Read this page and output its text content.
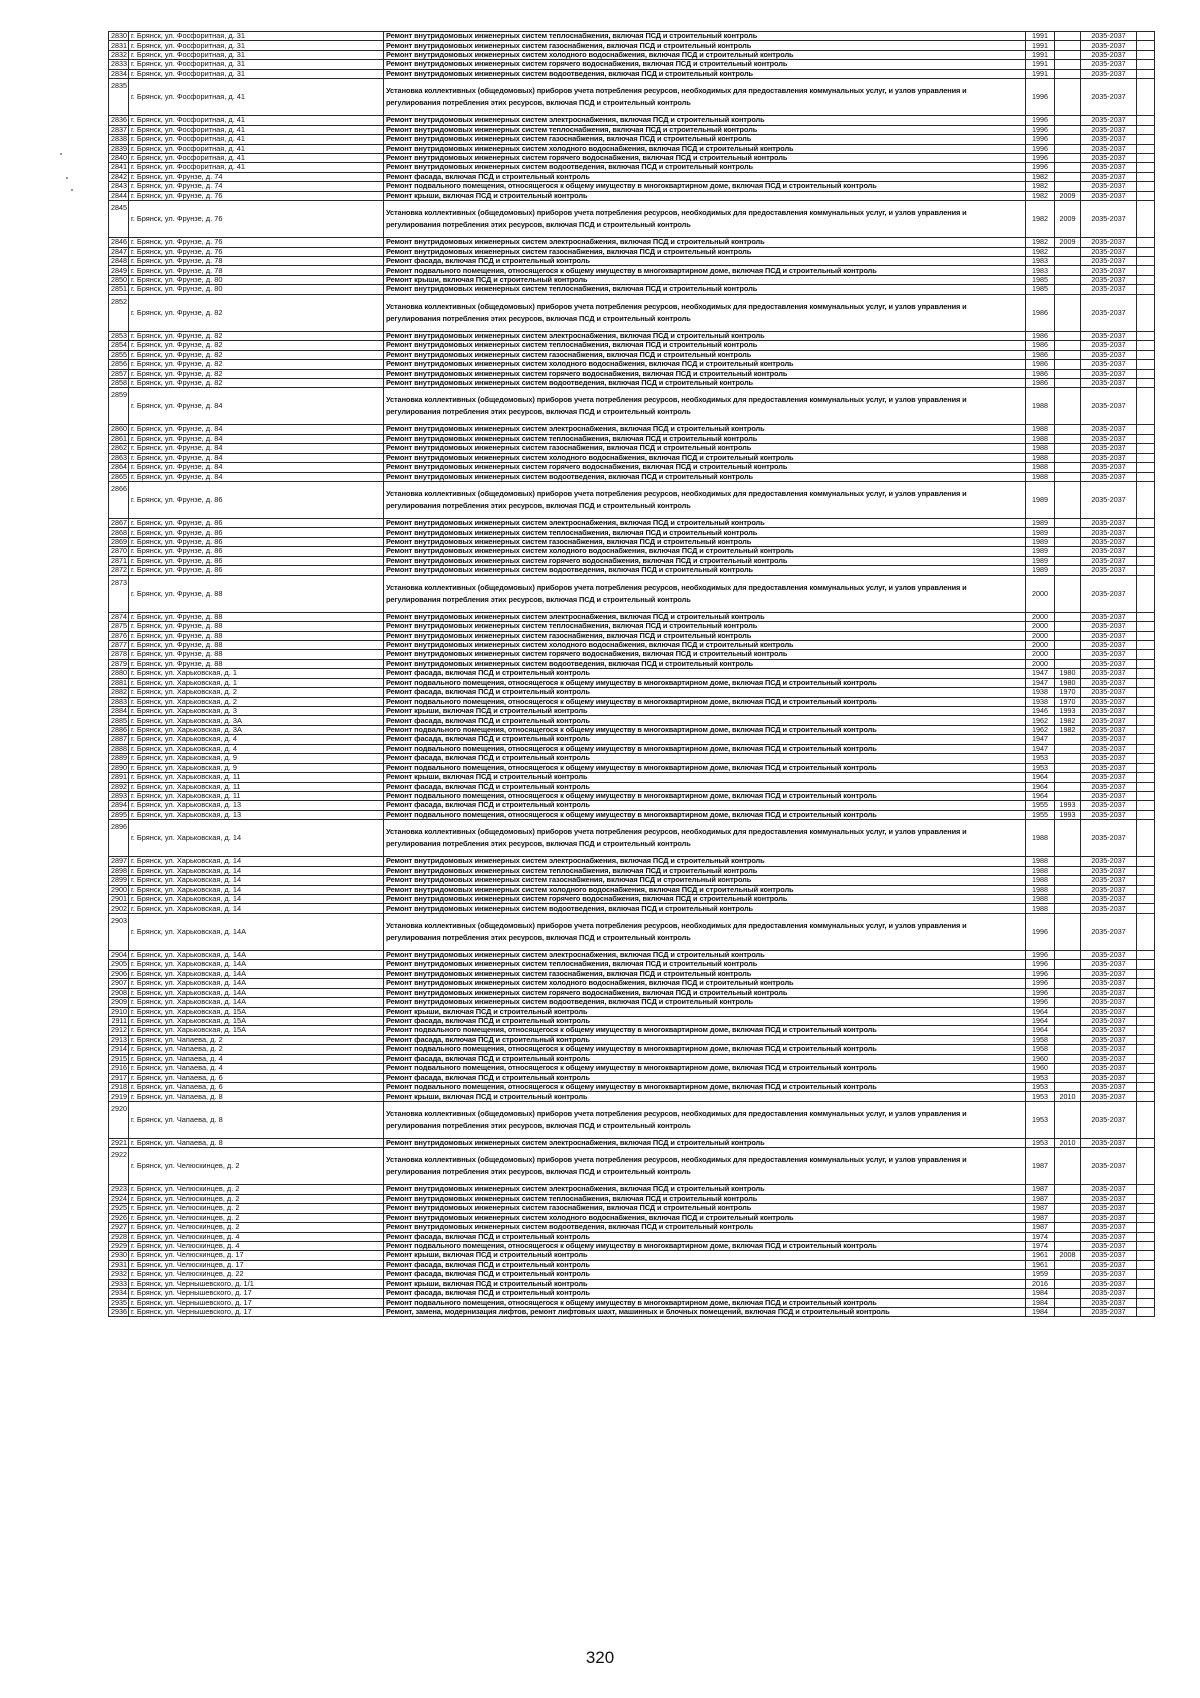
2830	г. Брянск, ул. Фосфоритная, д. 31	Ремонт внутридомовых инженерных систем теплоснабжения, включая ПСД и строительный контроль	1991		2035-2037	
2831	г. Брянск, ул. Фосфоритная, д. 31	Ремонт внутридомовых инженерных систем газоснабжения, включая ПСД и строительный контроль	1991		2035-2037	
2832	г. Брянск, ул. Фосфоритная, д. 31	Ремонт внутридомовых инженерных систем холодного водоснабжения, включая ПСД и строительный контроль	1991		2035-2037	
2833	г. Брянск, ул. Фосфоритная, д. 31	Ремонт внутридомовых инженерных систем горячего водоснабжения, включая ПСД и строительный контроль	1991		2035-2037	
2834	г. Брянск, ул. Фосфоритная, д. 31	Ремонт внутридомовых инженерных систем водоотведения, включая ПСД и строительный контроль	1991		2035-2037	
2835	г. Брянск, ул. Фосфоритная, д. 41	Установка коллективных (общедомовых) приборов учета потребления ресурсов, необходимых для предоставления коммунальных услуг, и узлов управления и регулирования потребления этих ресурсов, включая ПСД и строительный контроль	1996		2035-2037	
2836	г. Брянск, ул. Фосфоритная, д. 41	Ремонт внутридомовых инженерных систем электроснабжения, включая ПСД и строительный контроль	1996		2035-2037	
2837	г. Брянск, ул. Фосфоритная, д. 41	Ремонт внутридомовых инженерных систем теплоснабжения, включая ПСД и строительный контроль	1996		2035-2037	
2838	г. Брянск, ул. Фосфоритная, д. 41	Ремонт внутридомовых инженерных систем газоснабжения, включая ПСД и строительный контроль	1996		2035-2037	
2839	г. Брянск, ул. Фосфоритная, д. 41	Ремонт внутридомовых инженерных систем холодного водоснабжения, включая ПСД и строительный контроль	1996		2035-2037	
2840	г. Брянск, ул. Фосфоритная, д. 41	Ремонт внутридомовых инженерных систем горячего водоснабжения, включая ПСД и строительный контроль	1996		2035-2037	
2841	г. Брянск, ул. Фосфоритная, д. 41	Ремонт внутридомовых инженерных систем водоотведения, включая ПСД и строительный контроль	1996		2035-2037	
2842	г. Брянск, ул. Фрунзе, д. 74	Ремонт фасада, включая ПСД и строительный контроль	1982		2035-2037	
2843	г. Брянск, ул. Фрунзе, д. 74	Ремонт подвального помещения, относящегося к общему имуществу в многоквартирном доме, включая ПСД и строительный контроль	1982		2035-2037	
2844	г. Брянск, ул. Фрунзе, д. 76	Ремонт крыши, включая ПСД и строительный контроль	1982	2009	2035-2037	
2845	г. Брянск, ул. Фрунзе, д. 76	Установка коллективных (общедомовых) приборов учета потребления ресурсов, необходимых для предоставления коммунальных услуг, и узлов управления и регулирования потребления этих ресурсов, включая ПСД и строительный контроль	1982	2009	2035-2037	
2846	г. Брянск, ул. Фрунзе, д. 76	Ремонт внутридомовых инженерных систем электроснабжения, включая ПСД и строительный контроль	1982	2009	2035-2037	
2847	г. Брянск, ул. Фрунзе, д. 76	Ремонт внутридомовых инженерных систем газоснабжения, включая ПСД и строительный контроль	1982		2035-2037	
2848	г. Брянск, ул. Фрунзе, д. 78	Ремонт фасада, включая ПСД и строительный контроль	1983		2035-2037	
2849	г. Брянск, ул. Фрунзе, д. 78	Ремонт подвального помещения, относящегося к общему имуществу в многоквартирном доме, включая ПСД и строительный контроль	1983		2035-2037	
2850	г. Брянск, ул. Фрунзе, д. 80	Ремонт крыши, включая ПСД и строительный контроль	1985		2035-2037	
2851	г. Брянск, ул. Фрунзе, д. 80	Ремонт внутридомовых инженерных систем теплоснабжения, включая ПСД и строительный контроль	1985		2035-2037	
2852	г. Брянск, ул. Фрунзе, д. 82	Установка коллективных (общедомовых) приборов учета потребления ресурсов, необходимых для предоставления коммунальных услуг, и узлов управления и регулирования потребления этих ресурсов, включая ПСД и строительный контроль	1986		2035-2037	
2853	г. Брянск, ул. Фрунзе, д. 82	Ремонт внутридомовых инженерных систем электроснабжения, включая ПСД и строительный контроль	1986		2035-2037	
2854	г. Брянск, ул. Фрунзе, д. 82	Ремонт внутридомовых инженерных систем теплоснабжения, включая ПСД и строительный контроль	1986		2035-2037	
2855	г. Брянск, ул. Фрунзе, д. 82	Ремонт внутридомовых инженерных систем газоснабжения, включая ПСД и строительный контроль	1986		2035-2037	
2856	г. Брянск, ул. Фрунзе, д. 82	Ремонт внутридомовых инженерных систем холодного водоснабжения, включая ПСД и строительный контроль	1986		2035-2037	
2857	г. Брянск, ул. Фрунзе, д. 82	Ремонт внутридомовых инженерных систем горячего водоснабжения, включая ПСД и строительный контроль	1986		2035-2037	
2858	г. Брянск, ул. Фрунзе, д. 82	Ремонт внутридомовых инженерных систем водоотведения, включая ПСД и строительный контроль	1986		2035-2037	
2859	г. Брянск, ул. Фрунзе, д. 84	Установка коллективных (общедомовых) приборов учета потребления ресурсов, необходимых для предоставления коммунальных услуг, и узлов управления и регулирования потребления этих ресурсов, включая ПСД и строительный контроль	1988		2035-2037	
2860	г. Брянск, ул. Фрунзе, д. 84	Ремонт внутридомовых инженерных систем электроснабжения, включая ПСД и строительный контроль	1988		2035-2037	
2861	г. Брянск, ул. Фрунзе, д. 84	Ремонт внутридомовых инженерных систем теплоснабжения, включая ПСД и строительный контроль	1988		2035-2037	
2862	г. Брянск, ул. Фрунзе, д. 84	Ремонт внутридомовых инженерных систем газоснабжения, включая ПСД и строительный контроль	1988		2035-2037	
2863	г. Брянск, ул. Фрунзе, д. 84	Ремонт внутридомовых инженерных систем холодного водоснабжения, включая ПСД и строительный контроль	1988		2035-2037	
2864	г. Брянск, ул. Фрунзе, д. 84	Ремонт внутридомовых инженерных систем горячего водоснабжения, включая ПСД и строительный контроль	1988		2035-2037	
2865	г. Брянск, ул. Фрунзе, д. 84	Ремонт внутридомовых инженерных систем водоотведения, включая ПСД и строительный контроль	1988		2035-2037	
2866	г. Брянск, ул. Фрунзе, д. 86	Установка коллективных (общедомовых) приборов учета потребления ресурсов, необходимых для предоставления коммунальных услуг, и узлов управления и регулирования потребления этих ресурсов, включая ПСД и строительный контроль	1989		2035-2037	
2867	г. Брянск, ул. Фрунзе, д. 86	Ремонт внутридомовых инженерных систем электроснабжения, включая ПСД и строительный контроль	1989		2035-2037	
2868	г. Брянск, ул. Фрунзе, д. 86	Ремонт внутридомовых инженерных систем теплоснабжения, включая ПСД и строительный контроль	1989		2035-2037	
2869	г. Брянск, ул. Фрунзе, д. 86	Ремонт внутридомовых инженерных систем газоснабжения, включая ПСД и строительный контроль	1989		2035-2037	
2870	г. Брянск, ул. Фрунзе, д. 86	Ремонт внутридомовых инженерных систем холодного водоснабжения, включая ПСД и строительный контроль	1989		2035-2037	
2871	г. Брянск, ул. Фрунзе, д. 86	Ремонт внутридомовых инженерных систем горячего водоснабжения, включая ПСД и строительный контроль	1989		2035-2037	
2872	г. Брянск, ул. Фрунзе, д. 86	Ремонт внутридомовых инженерных систем водоотведения, включая ПСД и строительный контроль	1989		2035-2037	
2873	г. Брянск, ул. Фрунзе, д. 88	Установка коллективных (общедомовых) приборов учета потребления ресурсов, необходимых для предоставления коммунальных услуг, и узлов управления и регулирования потребления этих ресурсов, включая ПСД и строительный контроль	2000		2035-2037	
2874	г. Брянск, ул. Фрунзе, д. 88	Ремонт внутридомовых инженерных систем электроснабжения, включая ПСД и строительный контроль	2000		2035-2037	
2875	г. Брянск, ул. Фрунзе, д. 88	Ремонт внутридомовых инженерных систем теплоснабжения, включая ПСД и строительный контроль	2000		2035-2037	
2876	г. Брянск, ул. Фрунзе, д. 88	Ремонт внутридомовых инженерных систем газоснабжения, включая ПСД и строительный контроль	2000		2035-2037	
2877	г. Брянск, ул. Фрунзе, д. 88	Ремонт внутридомовых инженерных систем холодного водоснабжения, включая ПСД и строительный контроль	2000		2035-2037	
2878	г. Брянск, ул. Фрунзе, д. 88	Ремонт внутридомовых инженерных систем горячего водоснабжения, включая ПСД и строительный контроль	2000		2035-2037	
2879	г. Брянск, ул. Фрунзе, д. 88	Ремонт внутридомовых инженерных систем водоотведения, включая ПСД и строительный контроль	2000		2035-2037	
2880	г. Брянск, ул. Харьковская, д. 1	Ремонт фасада, включая ПСД и строительный контроль	1947	1980	2035-2037	
2881	г. Брянск, ул. Харьковская, д. 1	Ремонт подвального помещения, относящегося к общему имуществу в многоквартирном доме, включая ПСД и строительный контроль	1947	1980	2035-2037	
2882	г. Брянск, ул. Харьковская, д. 2	Ремонт фасада, включая ПСД и строительный контроль	1938	1970	2035-2037	
2883	г. Брянск, ул. Харьковская, д. 2	Ремонт подвального помещения, относящегося к общему имуществу в многоквартирном доме, включая ПСД и строительный контроль	1938	1970	2035-2037	
2884	г. Брянск, ул. Харьковская, д. 3	Ремонт крыши, включая ПСД и строительный контроль	1946	1993	2035-2037	
2885	г. Брянск, ул. Харьковская, д. 3А	Ремонт фасада, включая ПСД и строительный контроль	1962	1982	2035-2037	
2886	г. Брянск, ул. Харьковская, д. 3А	Ремонт подвального помещения, относящегося к общему имуществу в многоквартирном доме, включая ПСД и строительный контроль	1962	1982	2035-2037	
2887	г. Брянск, ул. Харьковская, д. 4	Ремонт фасада, включая ПСД и строительный контроль	1947		2035-2037	
2888	г. Брянск, ул. Харьковская, д. 4	Ремонт подвального помещения, относящегося к общему имуществу в многоквартирном доме, включая ПСД и строительный контроль	1947		2035-2037	
2889	г. Брянск, ул. Харьковская, д. 9	Ремонт фасада, включая ПСД и строительный контроль	1953		2035-2037	
2890	г. Брянск, ул. Харьковская, д. 9	Ремонт подвального помещения, относящегося к общему имуществу в многоквартирном доме, включая ПСД и строительный контроль	1953		2035-2037	
2891	г. Брянск, ул. Харьковская, д. 11	Ремонт крыши, включая ПСД и строительный контроль	1964		2035-2037	
2892	г. Брянск, ул. Харьковская, д. 11	Ремонт фасада, включая ПСД и строительный контроль	1964		2035-2037	
2893	г. Брянск, ул. Харьковская, д. 11	Ремонт подвального помещения, относящегося к общему имуществу в многоквартирном доме, включая ПСД и строительный контроль	1964		2035-2037	
2894	г. Брянск, ул. Харьковская, д. 13	Ремонт фасада, включая ПСД и строительный контроль	1955	1993	2035-2037	
2895	г. Брянск, ул. Харьковская, д. 13	Ремонт подвального помещения, относящегося к общему имуществу в многоквартирном доме, включая ПСД и строительный контроль	1955	1993	2035-2037	
2896	г. Брянск, ул. Харьковская, д. 14	Установка коллективных (общедомовых) приборов учета потребления ресурсов, необходимых для предоставления коммунальных услуг, и узлов управления и регулирования потребления этих ресурсов, включая ПСД и строительный контроль	1988		2035-2037	
2897	г. Брянск, ул. Харьковская, д. 14	Ремонт внутридомовых инженерных систем электроснабжения, включая ПСД и строительный контроль	1988		2035-2037	
2898	г. Брянск, ул. Харьковская, д. 14	Ремонт внутридомовых инженерных систем теплоснабжения, включая ПСД и строительный контроль	1988		2035-2037	
2899	г. Брянск, ул. Харьковская, д. 14	Ремонт внутридомовых инженерных систем газоснабжения, включая ПСД и строительный контроль	1988		2035-2037	
2900	г. Брянск, ул. Харьковская, д. 14	Ремонт внутридомовых инженерных систем холодного водоснабжения, включая ПСД и строительный контроль	1988		2035-2037	
2901	г. Брянск, ул. Харьковская, д. 14	Ремонт внутридомовых инженерных систем горячего водоснабжения, включая ПСД и строительный контроль	1988		2035-2037	
2902	г. Брянск, ул. Харьковская, д. 14	Ремонт внутридомовых инженерных систем водоотведения, включая ПСД и строительный контроль	1988		2035-2037	
2903	г. Брянск, ул. Харьковская, д. 14А	Установка коллективных (общедомовых) приборов учета потребления ресурсов, необходимых для предоставления коммунальных услуг, и узлов управления и регулирования потребления этих ресурсов, включая ПСД и строительный контроль	1996		2035-2037	
2904	г. Брянск, ул. Харьковская, д. 14А	Ремонт внутридомовых инженерных систем электроснабжения, включая ПСД и строительный контроль	1996		2035-2037	
2905	г. Брянск, ул. Харьковская, д. 14А	Ремонт внутридомовых инженерных систем теплоснабжения, включая ПСД и строительный контроль	1996		2035-2037	
2906	г. Брянск, ул. Харьковская, д. 14А	Ремонт внутридомовых инженерных систем газоснабжения, включая ПСД и строительный контроль	1996		2035-2037	
2907	г. Брянск, ул. Харьковская, д. 14А	Ремонт внутридомовых инженерных систем холодного водоснабжения, включая ПСД и строительный контроль	1996		2035-2037	
2908	г. Брянск, ул. Харьковская, д. 14А	Ремонт внутридомовых инженерных систем горячего водоснабжения, включая ПСД и строительный контроль	1996		2035-2037	
2909	г. Брянск, ул. Харьковская, д. 14А	Ремонт внутридомовых инженерных систем водоотведения, включая ПСД и строительный контроль	1996		2035-2037	
2910	г. Брянск, ул. Харьковская, д. 15А	Ремонт крыши, включая ПСД и строительный контроль	1964		2035-2037	
2911	г. Брянск, ул. Харьковская, д. 15А	Ремонт фасада, включая ПСД и строительный контроль	1964		2035-2037	
2912	г. Брянск, ул. Харьковская, д. 15А	Ремонт подвального помещения, относящегося к общему имуществу в многоквартирном доме, включая ПСД и строительный контроль	1964		2035-2037	
2913	г. Брянск, ул. Чапаева, д. 2	Ремонт фасада, включая ПСД и строительный контроль	1958		2035-2037	
2914	г. Брянск, ул. Чапаева, д. 2	Ремонт подвального помещения, относящегося к общему имуществу в многоквартирном доме, включая ПСД и строительный контроль	1958		2035-2037	
2915	г. Брянск, ул. Чапаева, д. 4	Ремонт фасада, включая ПСД и строительный контроль	1960		2035-2037	
2916	г. Брянск, ул. Чапаева, д. 4	Ремонт подвального помещения, относящегося к общему имуществу в многоквартирном доме, включая ПСД и строительный контроль	1960		2035-2037	
2917	г. Брянск, ул. Чапаева, д. 6	Ремонт фасада, включая ПСД и строительный контроль	1953		2035-2037	
2918	г. Брянск, ул. Чапаева, д. 6	Ремонт подвального помещения, относящегося к общему имуществу в многоквартирном доме, включая ПСД и строительный контроль	1953		2035-2037	
2919	г. Брянск, ул. Чапаева, д. 8	Ремонт крыши, включая ПСД и строительный контроль	1953	2010	2035-2037	
2920	г. Брянск, ул. Чапаева, д. 8	Установка коллективных (общедомовых) приборов учета потребления ресурсов, необходимых для предоставления коммунальных услуг, и узлов управления и регулирования потребления этих ресурсов, включая ПСД и строительный контроль	1953		2035-2037	
2921	г. Брянск, ул. Чапаева, д. 8	Ремонт внутридомовых инженерных систем электроснабжения, включая ПСД и строительный контроль	1953	2010	2035-2037	
2922	г. Брянск, ул. Челюскинцев, д. 2	Установка коллективных (общедомовых) приборов учета потребления ресурсов, необходимых для предоставления коммунальных услуг, и узлов управления и регулирования потребления этих ресурсов, включая ПСД и строительный контроль	1987		2035-2037	
2923	г. Брянск, ул. Челюскинцев, д. 2	Ремонт внутридомовых инженерных систем электроснабжения, включая ПСД и строительный контроль	1987		2035-2037	
2924	г. Брянск, ул. Челюскинцев, д. 2	Ремонт внутридомовых инженерных систем теплоснабжения, включая ПСД и строительный контроль	1987		2035-2037	
2925	г. Брянск, ул. Челюскинцев, д. 2	Ремонт внутридомовых инженерных систем газоснабжения, включая ПСД и строительный контроль	1987		2035-2037	
2926	г. Брянск, ул. Челюскинцев, д. 2	Ремонт внутридомовых инженерных систем холодного водоснабжения, включая ПСД и строительный контроль	1987		2035-2037	
2927	г. Брянск, ул. Челюскинцев, д. 2	Ремонт внутридомовых инженерных систем водоотведения, включая ПСД и строительный контроль	1987		2035-2037	
2928	г. Брянск, ул. Челюскинцев, д. 4	Ремонт фасада, включая ПСД и строительный контроль	1974		2035-2037	
2929	г. Брянск, ул. Челюскинцев, д. 4	Ремонт подвального помещения, относящегося к общему имуществу в многоквартирном доме, включая ПСД и строительный контроль	1974		2035-2037	
2930	г. Брянск, ул. Челюскинцев, д. 17	Ремонт крыши, включая ПСД и строительный контроль	1961	2008	2035-2037	
2931	г. Брянск, ул. Челюскинцев, д. 17	Ремонт фасада, включая ПСД и строительный контроль	1961		2035-2037	
2932	г. Брянск, ул. Челюскинцев, д. 22	Ремонт фасада, включая ПСД и строительный контроль	1959		2035-2037	
2933	г. Брянск, ул. Чернышевского, д. 1/1	Ремонт крыши, включая ПСД и строительный контроль	2016		2035-2037	
2934	г. Брянск, ул. Чернышевского, д. 17	Ремонт фасада, включая ПСД и строительный контроль	1984		2035-2037	
2935	г. Брянск, ул. Чернышевского, д. 17	Ремонт подвального помещения, относящегося к общему имуществу в многоквартирном доме, включая ПСД и строительный контроль	1984		2035-2037	
2936	г. Брянск, ул. Чернышевского, д. 17	Ремонт, замена, модернизация лифтов, ремонт лифтовых шахт, машинных и блочных помещений, включая ПСД и строительный контроль	1984		2035-2037	
320
